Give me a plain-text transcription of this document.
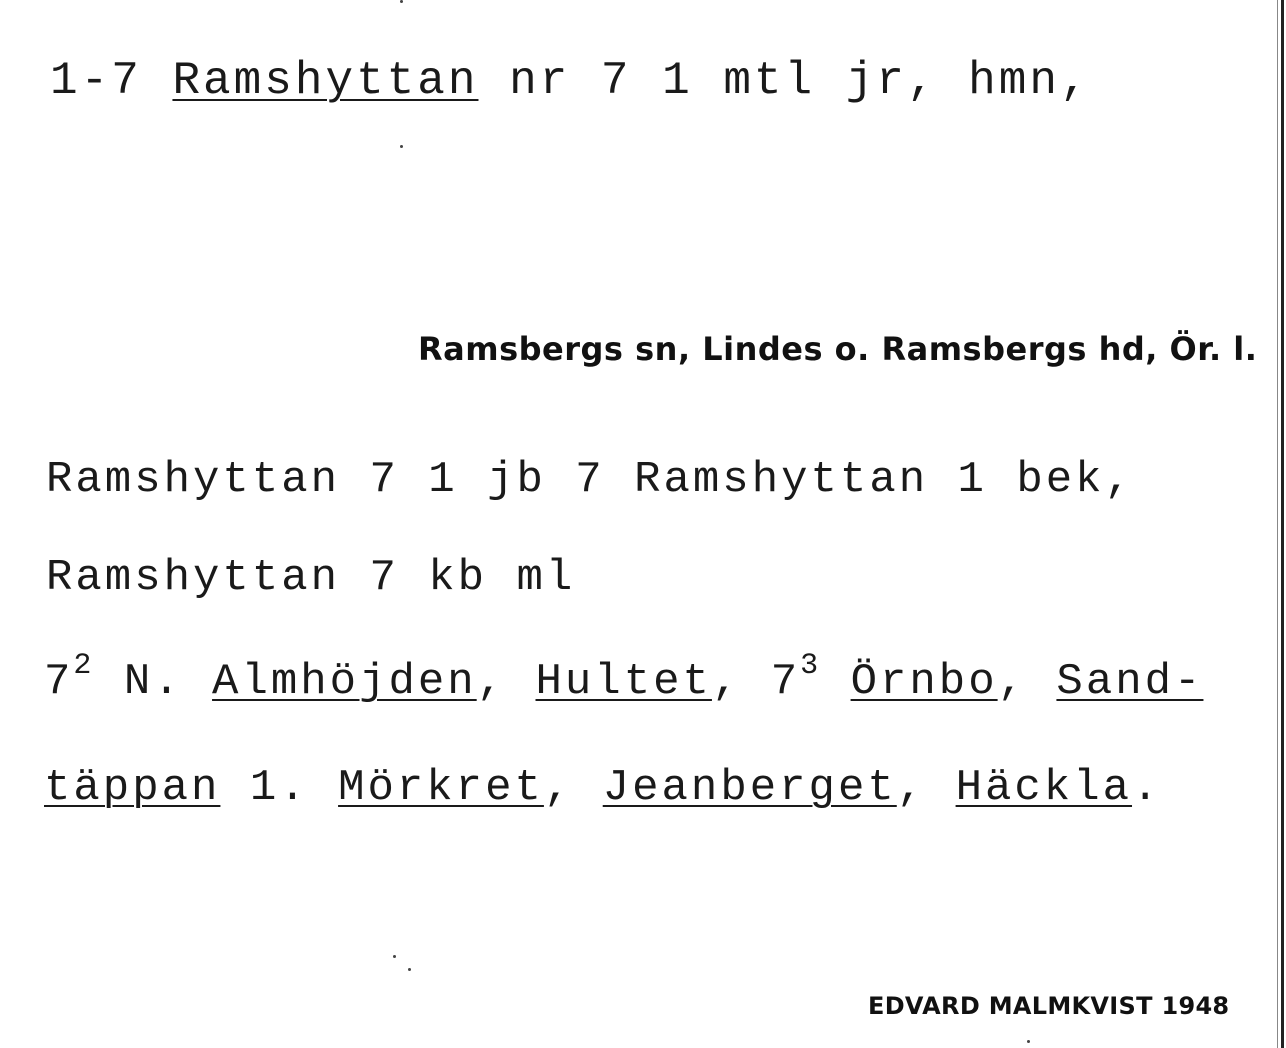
1-7 Ramshyttan nr 7 1 mtl jr, hmn,
Ramsbergs sn, Lindes o. Ramsbergs hd, Ör. l.
Ramshyttan 7 1 jb 7 Ramshyttan 1 bek,
Ramshyttan 7 kb ml
$7^2$ N. Almhöjden, Hultet, $7^3$ Örnbo, Sand-
täppan 1. Mörkret, Jeanberget, Häckla.
EDVARD MALMKVIST 1948
